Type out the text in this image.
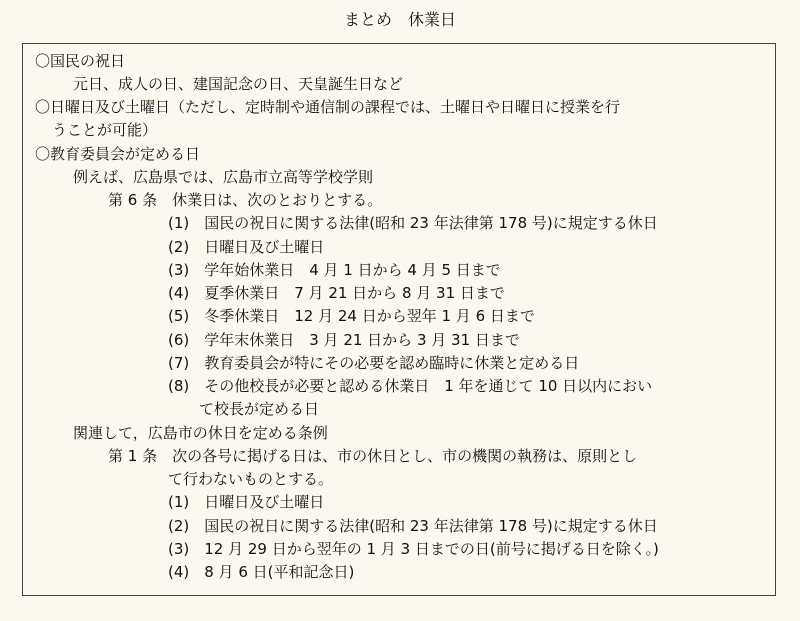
まとめ　休業日
〇国民の祝日
元日、成人の日、建国記念の日、天皇誕生日など
〇日曜日及び土曜日（ただし、定時制や通信制の課程では、土曜日や日曜日に授業を行
うことが可能）
〇教育委員会が定める日
例えば、広島県では、広島市立高等学校学則
第 6 条　休業日は、次のとおりとする。
(1)　国民の祝日に関する法律(昭和 23 年法律第 178 号)に規定する休日
(2)　日曜日及び土曜日
(3)　学年始休業日　4 月 1 日から 4 月 5 日まで
(4)　夏季休業日　7 月 21 日から 8 月 31 日まで
(5)　冬季休業日　12 月 24 日から翌年 1 月 6 日まで
(6)　学年末休業日　3 月 21 日から 3 月 31 日まで
(7)　教育委員会が特にその必要を認め臨時に休業と定める日
(8)　その他校長が必要と認める休業日　1 年を通じて 10 日以内におい
て校長が定める日
関連して，広島市の休日を定める条例
第 1 条　次の各号に掲げる日は、市の休日とし、市の機関の執務は、原則とし
て行わないものとする。
(1)　日曜日及び土曜日
(2)　国民の祝日に関する法律(昭和 23 年法律第 178 号)に規定する休日
(3)　12 月 29 日から翌年の 1 月 3 日までの日(前号に掲げる日を除く。)
(4)　8 月 6 日(平和記念日)
